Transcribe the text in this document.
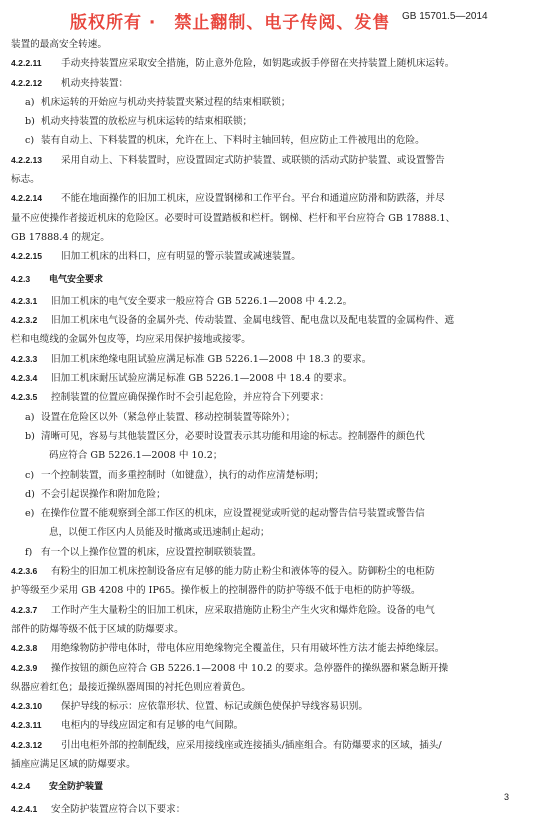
版权所有 ·　禁止翻制、电子传阅、发售 GB 15701.5—2014
装置的最高安全转速。
4.2.2.11 手动夹持装置应采取安全措施，防止意外危险，如钥匙或扳手停留在夹持装置上随机床运转。
4.2.2.12 机动夹持装置：
a) 机床运转的开始应与机动夹持装置夹紧过程的结束相联锁；
b) 机动夹持装置的放松应与机床运转的结束相联锁；
c) 装有自动上、下料装置的机床，允许在上、下料时主轴回转，但应防止工件被甩出的危险。
4.2.2.13 采用自动上、下料装置时，应设置固定式防护装置、或联锁的活动式防护装置、或设置警告
标志。
4.2.2.14 不能在地面操作的旧加工机床，应设置钢梯和工作平台。平台和通道应防滑和防跌落，并尽
量不应使操作者接近机床的危险区。必要时可设置踏板和栏杆。钢梯、栏杆和平台应符合 GB 17888.1、
GB 17888.4 的规定。
4.2.2.15 旧加工机床的出料口，应有明显的警示装置或减速装置。
4.2.3 电气安全要求
4.2.3.1 旧加工机床的电气安全要求一般应符合 GB 5226.1—2008 中 4.2.2。
4.2.3.2 旧加工机床电气设备的金属外壳、传动装置、金属电线管、配电盘以及配电装置的金属构件、遮
栏和电缆线的金属外包皮等，均应采用保护接地或接零。
4.2.3.3 旧加工机床绝缘电阻试验应满足标准 GB 5226.1—2008 中 18.3 的要求。
4.2.3.4 旧加工机床耐压试验应满足标准 GB 5226.1—2008 中 18.4 的要求。
4.2.3.5 控制装置的位置应确保操作时不会引起危险，并应符合下列要求：
a) 设置在危险区以外（紧急停止装置、移动控制装置等除外）；
b) 清晰可见，容易与其他装置区分，必要时设置表示其功能和用途的标志。控制器件的颜色代
码应符合 GB 5226.1—2008 中 10.2；
c) 一个控制装置，而多重控制时（如键盘），执行的动作应清楚标明；
d) 不会引起误操作和附加危险；
e) 在操作位置不能观察到全部工作区的机床，应设置视觉或听觉的起动警告信号装置或警告信
息，以便工作区内人员能及时撤离或迅速制止起动；
f) 有一个以上操作位置的机床，应设置控制联锁装置。
4.2.3.6 有粉尘的旧加工机床控制设备应有足够的能力防止粉尘和液体等的侵入。防御粉尘的电柜防
护等级至少采用 GB 4208 中的 IP65。操作板上的控制器件的防护等级不低于电柜的防护等级。
4.2.3.7 工作时产生大量粉尘的旧加工机床，应采取措施防止粉尘产生火灾和爆炸危险。设备的电气
部件的防爆等级不低于区域的防爆要求。
4.2.3.8 用绝缘物防护带电体时，带电体应用绝缘物完全覆盖住，只有用破坏性方法才能去掉绝缘层。
4.2.3.9 操作按钮的颜色应符合 GB 5226.1—2008 中 10.2 的要求。急停器件的操纵器和紧急断开操
纵器应着红色；最接近操纵器周围的衬托色则应着黄色。
4.2.3.10 保护导线的标示：应依靠形状、位置、标记或颜色使保护导线容易识别。
4.2.3.11 电柜内的导线应固定和有足够的电气间隙。
4.2.3.12 引出电柜外部的控制配线，应采用接线座或连接插头/插座组合。有防爆要求的区域，插头/
插座应满足区域的防爆要求。
4.2.4 安全防护装置
4.2.4.1 安全防护装置应符合以下要求：
3
